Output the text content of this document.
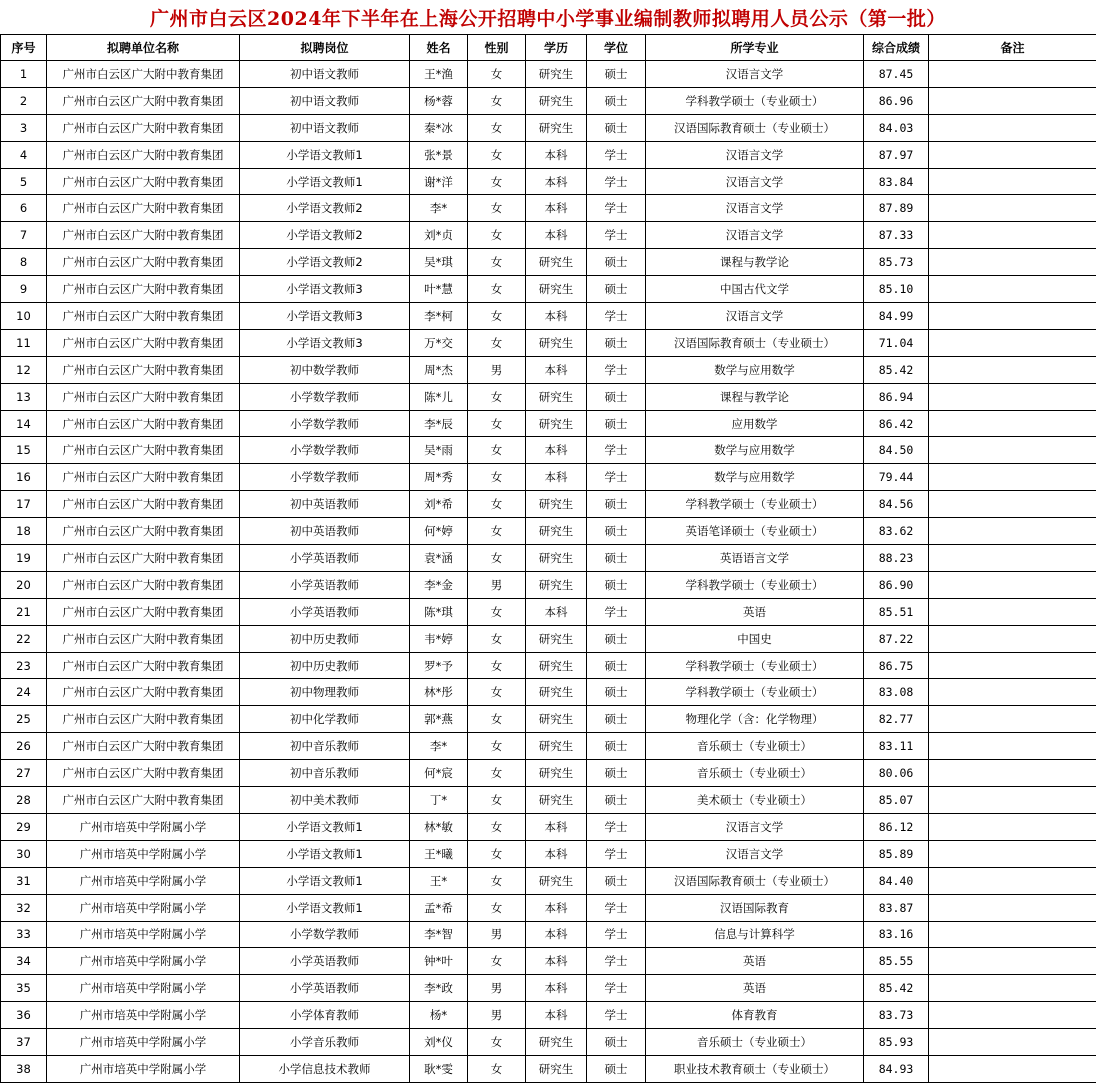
广州市白云区2024年下半年在上海公开招聘中小学事业编制教师拟聘用人员公示（第一批）
序号	拟聘单位名称	拟聘岗位	姓名	性别	学历	学位	所学专业	综合成绩	备注
1	广州市白云区广大附中教育集团	初中语文教师	王*渔	女	研究生	硕士	汉语言文学	87.45	
2	广州市白云区广大附中教育集团	初中语文教师	杨*蓉	女	研究生	硕士	学科教学硕士（专业硕士）	86.96	
3	广州市白云区广大附中教育集团	初中语文教师	秦*冰	女	研究生	硕士	汉语国际教育硕士（专业硕士）	84.03	
4	广州市白云区广大附中教育集团	小学语文教师1	张*景	女	本科	学士	汉语言文学	87.97	
5	广州市白云区广大附中教育集团	小学语文教师1	谢*洋	女	本科	学士	汉语言文学	83.84	
6	广州市白云区广大附中教育集团	小学语文教师2	李*	女	本科	学士	汉语言文学	87.89	
7	广州市白云区广大附中教育集团	小学语文教师2	刘*贞	女	本科	学士	汉语言文学	87.33	
8	广州市白云区广大附中教育集团	小学语文教师2	吴*琪	女	研究生	硕士	课程与教学论	85.73	
9	广州市白云区广大附中教育集团	小学语文教师3	叶*慧	女	研究生	硕士	中国古代文学	85.10	
10	广州市白云区广大附中教育集团	小学语文教师3	李*柯	女	本科	学士	汉语言文学	84.99	
11	广州市白云区广大附中教育集团	小学语文教师3	万*交	女	研究生	硕士	汉语国际教育硕士（专业硕士）	71.04	
12	广州市白云区广大附中教育集团	初中数学教师	周*杰	男	本科	学士	数学与应用数学	85.42	
13	广州市白云区广大附中教育集团	小学数学教师	陈*儿	女	研究生	硕士	课程与教学论	86.94	
14	广州市白云区广大附中教育集团	小学数学教师	李*辰	女	研究生	硕士	应用数学	86.42	
15	广州市白云区广大附中教育集团	小学数学教师	吴*雨	女	本科	学士	数学与应用数学	84.50	
16	广州市白云区广大附中教育集团	小学数学教师	周*秀	女	本科	学士	数学与应用数学	79.44	
17	广州市白云区广大附中教育集团	初中英语教师	刘*希	女	研究生	硕士	学科教学硕士（专业硕士）	84.56	
18	广州市白云区广大附中教育集团	初中英语教师	何*婷	女	研究生	硕士	英语笔译硕士（专业硕士）	83.62	
19	广州市白云区广大附中教育集团	小学英语教师	袁*涵	女	研究生	硕士	英语语言文学	88.23	
20	广州市白云区广大附中教育集团	小学英语教师	李*金	男	研究生	硕士	学科教学硕士（专业硕士）	86.90	
21	广州市白云区广大附中教育集团	小学英语教师	陈*琪	女	本科	学士	英语	85.51	
22	广州市白云区广大附中教育集团	初中历史教师	韦*婷	女	研究生	硕士	中国史	87.22	
23	广州市白云区广大附中教育集团	初中历史教师	罗*予	女	研究生	硕士	学科教学硕士（专业硕士）	86.75	
24	广州市白云区广大附中教育集团	初中物理教师	林*彤	女	研究生	硕士	学科教学硕士（专业硕士）	83.08	
25	广州市白云区广大附中教育集团	初中化学教师	郭*燕	女	研究生	硕士	物理化学（含：化学物理）	82.77	
26	广州市白云区广大附中教育集团	初中音乐教师	李*	女	研究生	硕士	音乐硕士（专业硕士）	83.11	
27	广州市白云区广大附中教育集团	初中音乐教师	何*宸	女	研究生	硕士	音乐硕士（专业硕士）	80.06	
28	广州市白云区广大附中教育集团	初中美术教师	丁*	女	研究生	硕士	美术硕士（专业硕士）	85.07	
29	广州市培英中学附属小学	小学语文教师1	林*敏	女	本科	学士	汉语言文学	86.12	
30	广州市培英中学附属小学	小学语文教师1	王*曦	女	本科	学士	汉语言文学	85.89	
31	广州市培英中学附属小学	小学语文教师1	王*	女	研究生	硕士	汉语国际教育硕士（专业硕士）	84.40	
32	广州市培英中学附属小学	小学语文教师1	孟*希	女	本科	学士	汉语国际教育	83.87	
33	广州市培英中学附属小学	小学数学教师	李*智	男	本科	学士	信息与计算科学	83.16	
34	广州市培英中学附属小学	小学英语教师	钟*叶	女	本科	学士	英语	85.55	
35	广州市培英中学附属小学	小学英语教师	李*政	男	本科	学士	英语	85.42	
36	广州市培英中学附属小学	小学体育教师	杨*	男	本科	学士	体育教育	83.73	
37	广州市培英中学附属小学	小学音乐教师	刘*仪	女	研究生	硕士	音乐硕士（专业硕士）	85.93	
38	广州市培英中学附属小学	小学信息技术教师	耿*雯	女	研究生	硕士	职业技术教育硕士（专业硕士）	84.93	
